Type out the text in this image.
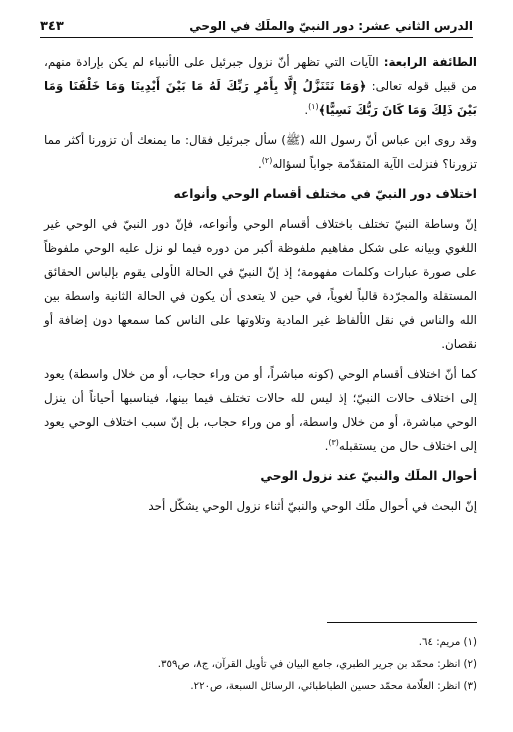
الدرس الثاني عشر: دور النبيّ والملَك في الوحي
٣٤٣

الطائفة الرابعة: الآيات التي تظهر أنّ نزول جبرئيل على الأنبياء لم يكن بإرادة منهم، من قبيل قوله تعالى: ﴿وَمَا نَتَنَزَّلُ إِلَّا بِأَمْرِ رَبِّكَ لَهُ مَا بَيْنَ أَيْدِينَا وَمَا خَلْفَنَا وَمَا بَيْنَ ذَلِكَ وَمَا كَانَ رَبُّكَ نَسِيًّا﴾$^{(١)}$.

وقد روى ابن عباس أنّ رسول الله (ﷺ) سأل جبرئيل فقال: ما يمنعك أن تزورنا أكثر مما تزورنا؟ فنزلت الآية المتقدّمة جواباً لسؤاله$^{(٢)}$.

اختلاف دور النبيّ في مختلف أقسام الوحي وأنواعه

إنّ وساطة النبيّ تختلف باختلاف أقسام الوحي وأنواعه، فإنّ دور النبيّ في الوحي غير اللغوي وبيانه على شكل مفاهيم ملفوظة أكبر من دوره فيما لو نزل عليه الوحي ملفوظاً على صورة عبارات وكلمات مفهومة؛ إذ إنّ النبيّ في الحالة الأولى يقوم بإلباس الحقائق المستقلة والمجرّدة قالباً لغوياً، في حين لا يتعدى أن يكون في الحالة الثانية واسطة بين الله والناس في نقل الألفاظ غير المادية وتلاوتها على الناس كما سمعها دون إضافة أو نقصان.

كما أنّ اختلاف أقسام الوحي (كونه مباشراً، أو من وراء حجاب، أو من خلال واسطة) يعود إلى اختلاف حالات النبيّ؛ إذ ليس لله حالات تختلف فيما بينها، فيناسبها أحياناً أن ينزل الوحي مباشرة، أو من خلال واسطة، أو من وراء حجاب، بل إنّ سبب اختلاف الوحي يعود إلى اختلاف حال من يستقبله$^{(٣)}$.

أحوال الملَك والنبيّ عند نزول الوحي

إنّ البحث في أحوال ملَك الوحي والنبيّ أثناء نزول الوحي يشكّل أحد

(١) مريم: ٦٤.

(٢) انظر: محمّد بن جرير الطبري، جامع البيان في تأويل القرآن، ج٨، ص٣٥٩.

(٣) انظر: العلّامة محمّد حسين الطباطبائي، الرسائل السبعة، ص٢٢٠.
